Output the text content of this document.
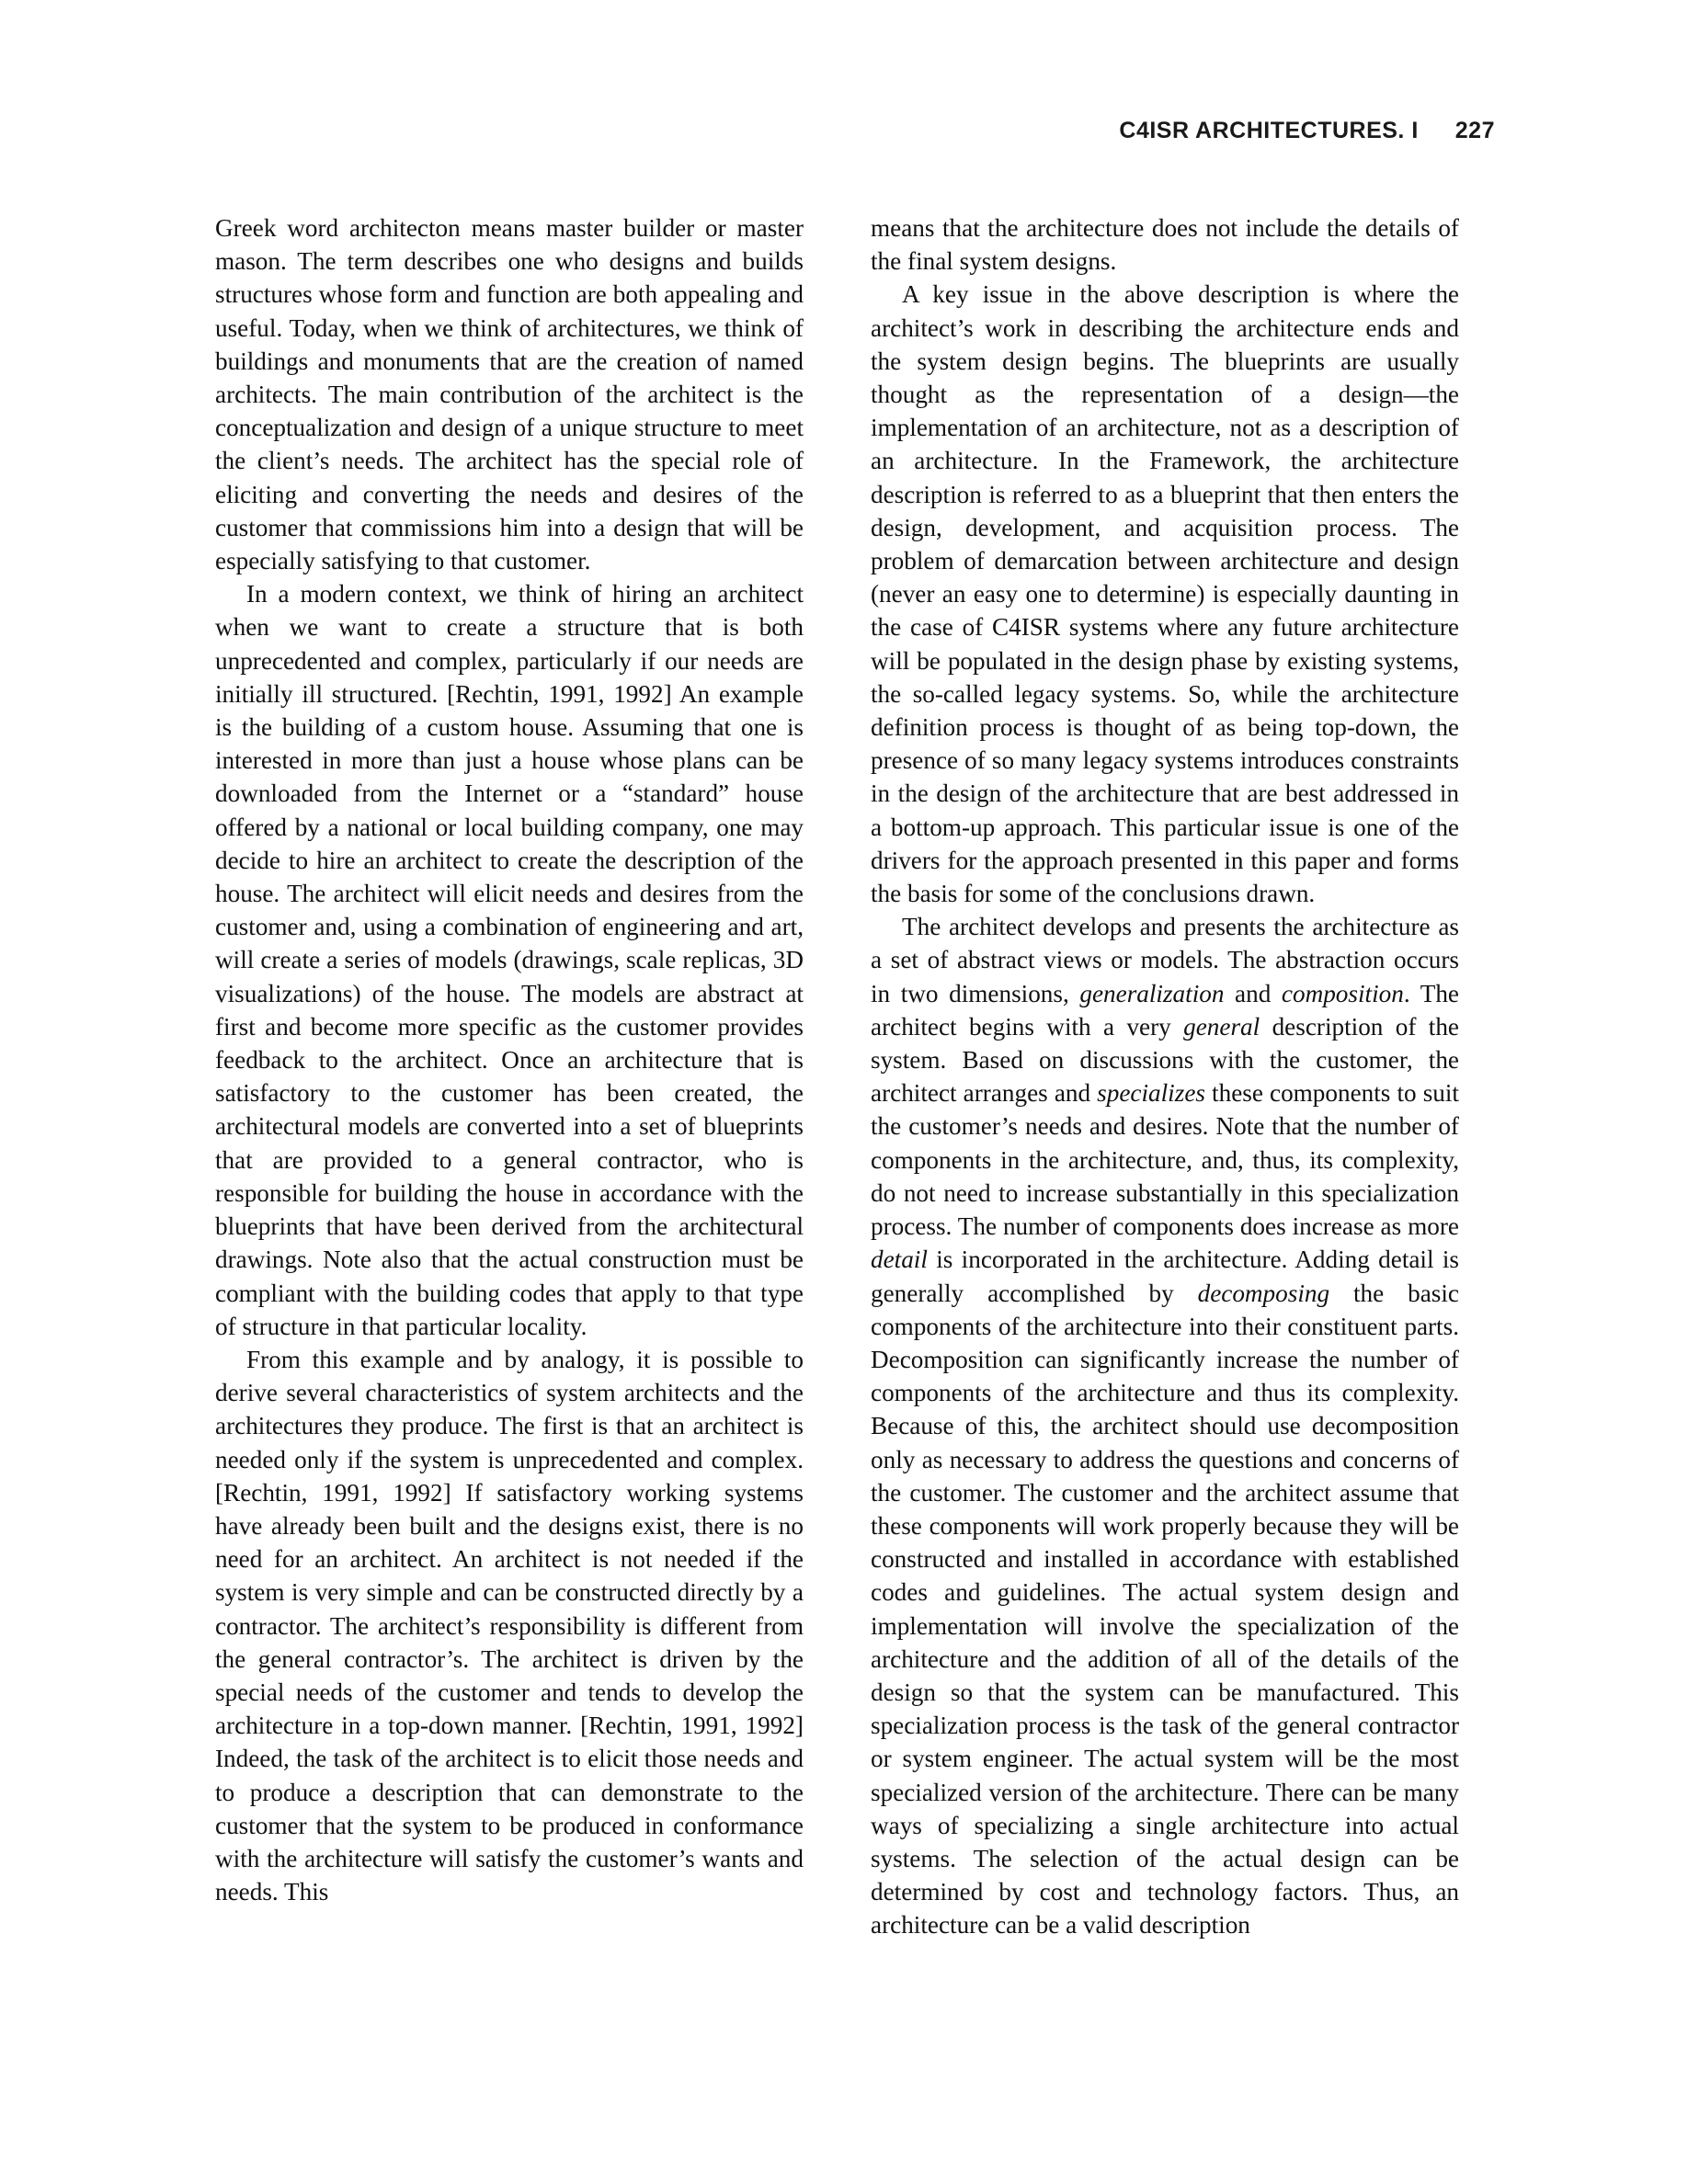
C4ISR ARCHITECTURES. I 227

Greek word architecton means master builder or master mason. The term describes one who designs and builds structures whose form and function are both appealing and useful. Today, when we think of architectures, we think of buildings and monuments that are the creation of named architects. The main contribution of the architect is the conceptualization and design of a unique structure to meet the client’s needs. The architect has the special role of eliciting and converting the needs and desires of the customer that commissions him into a design that will be especially satisfying to that customer.

In a modern context, we think of hiring an architect when we want to create a structure that is both unprecedented and complex, particularly if our needs are initially ill structured. [Rechtin, 1991, 1992] An example is the building of a custom house. Assuming that one is interested in more than just a house whose plans can be downloaded from the Internet or a “standard” house offered by a national or local building company, one may decide to hire an architect to create the description of the house. The architect will elicit needs and desires from the customer and, using a combination of engineering and art, will create a series of models (drawings, scale replicas, 3D visualizations) of the house. The models are abstract at first and become more specific as the customer provides feedback to the architect. Once an architecture that is satisfactory to the customer has been created, the architectural models are converted into a set of blueprints that are provided to a general contractor, who is responsible for building the house in accordance with the blueprints that have been derived from the architectural drawings. Note also that the actual construction must be compliant with the building codes that apply to that type of structure in that particular locality.

From this example and by analogy, it is possible to derive several characteristics of system architects and the architectures they produce. The first is that an architect is needed only if the system is unprecedented and complex. [Rechtin, 1991, 1992] If satisfactory working systems have already been built and the designs exist, there is no need for an architect. An architect is not needed if the system is very simple and can be constructed directly by a contractor. The architect’s responsibility is different from the general contractor’s. The architect is driven by the special needs of the customer and tends to develop the architecture in a top-down manner. [Rechtin, 1991, 1992] Indeed, the task of the architect is to elicit those needs and to produce a description that can demonstrate to the customer that the system to be produced in conformance with the architecture will satisfy the customer’s wants and needs. This

means that the architecture does not include the details of the final system designs.

A key issue in the above description is where the architect’s work in describing the architecture ends and the system design begins. The blueprints are usually thought as the representation of a design—the implementation of an architecture, not as a description of an architecture. In the Framework, the architecture description is referred to as a blueprint that then enters the design, development, and acquisition process. The problem of demarcation between architecture and design (never an easy one to determine) is especially daunting in the case of C4ISR systems where any future architecture will be populated in the design phase by existing systems, the so-called legacy systems. So, while the architecture definition process is thought of as being top-down, the presence of so many legacy systems introduces constraints in the design of the architecture that are best addressed in a bottom-up approach. This particular issue is one of the drivers for the approach presented in this paper and forms the basis for some of the conclusions drawn.

The architect develops and presents the architecture as a set of abstract views or models. The abstraction occurs in two dimensions, generalization and composition. The architect begins with a very general description of the system. Based on discussions with the customer, the architect arranges and specializes these components to suit the customer’s needs and desires. Note that the number of components in the architecture, and, thus, its complexity, do not need to increase substantially in this specialization process. The number of components does increase as more detail is incorporated in the architecture. Adding detail is generally accomplished by decomposing the basic components of the architecture into their constituent parts. Decomposition can significantly increase the number of components of the architecture and thus its complexity. Because of this, the architect should use decomposition only as necessary to address the questions and concerns of the customer. The customer and the architect assume that these components will work properly because they will be constructed and installed in accordance with established codes and guidelines. The actual system design and implementation will involve the specialization of the architecture and the addition of all of the details of the design so that the system can be manufactured. This specialization process is the task of the general contractor or system engineer. The actual system will be the most specialized version of the architecture. There can be many ways of specializing a single architecture into actual systems. The selection of the actual design can be determined by cost and technology factors. Thus, an architecture can be a valid description
